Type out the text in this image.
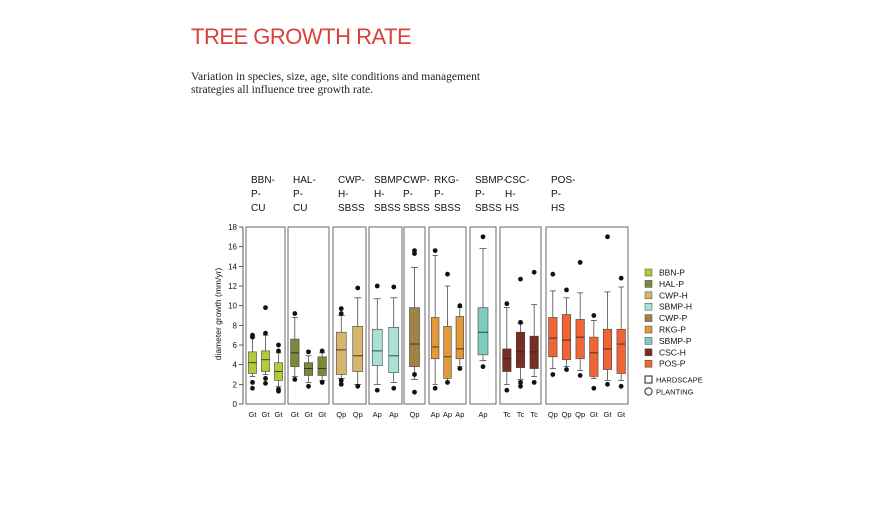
TREE GROWTH RATE
Variation in species, size, age, site conditions and management strategies all influence tree growth rate.
0
2
4
6
8
10
12
14
16
18
diameter growth (mm/yr)
BBN-
P-
CU
Gt Gt Gt
HAL-
P-
CU
Gt Gt Gt
CWP-
H-
SBSS
Qp Qp
SBMP-
H-
SBSS
Ap Ap
CWP-
P-
SBSS
Qp
RKG-
P-
SBSS
Ap Ap Ap
SBMP-
P-
SBSS
Ap
CSC-
H-
HS
Tc Tc Tc
POS-
P-
HS
Qp Qp Qp Gt Gt Gt
BBN-P
HAL-P
CWP-H
SBMP-H
CWP-P
RKG-P
SBMP-P
CSC-H
POS-P
HARDSCAPE
PLANTING
